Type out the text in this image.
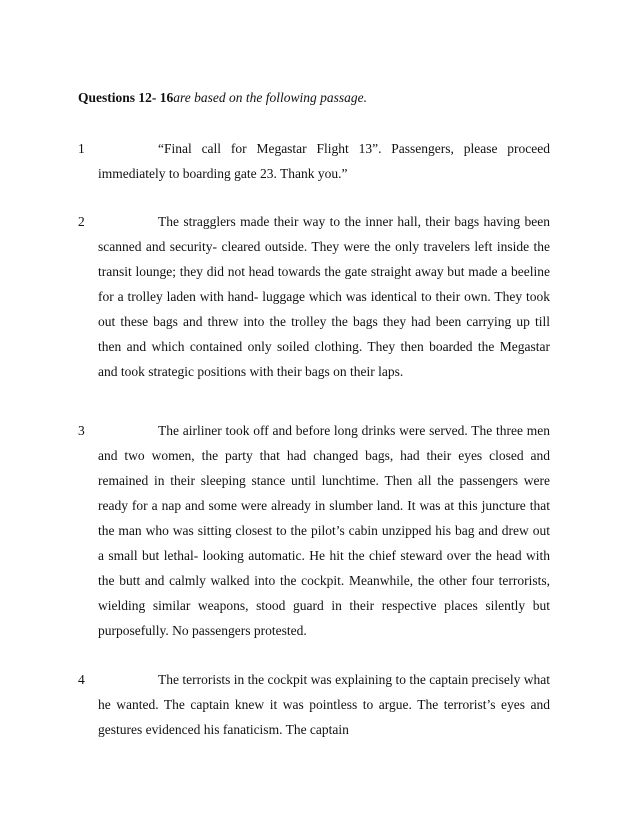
Questions 12- 16are based on the following passage.
1	“Final call for Megastar Flight 13”. Passengers, please proceed immediately to boarding gate 23. Thank you.”
2	The stragglers made their way to the inner hall, their bags having been scanned and security- cleared outside. They were the only travelers left inside the transit lounge; they did not head towards the gate straight away but made a beeline for a trolley laden with hand- luggage which was identical to their own. They took out these bags and threw into the trolley the bags they had been carrying up till then and which contained only soiled clothing. They then boarded the Megastar and took strategic positions with their bags on their laps.
3	The airliner took off and before long drinks were served. The three men and two women, the party that had changed bags, had their eyes closed and remained in their sleeping stance until lunchtime. Then all the passengers were ready for a nap and some were already in slumber land. It was at this juncture that the man who was sitting closest to the pilot’s cabin unzipped his bag and drew out a small but lethal- looking automatic. He hit the chief steward over the head with the butt and calmly walked into the cockpit. Meanwhile, the other four terrorists, wielding similar weapons, stood guard in their respective places silently but purposefully. No passengers protested.
4	The terrorists in the cockpit was explaining to the captain precisely what he wanted. The captain knew it was pointless to argue. The terrorist’s eyes and gestures evidenced his fanaticism. The captain
